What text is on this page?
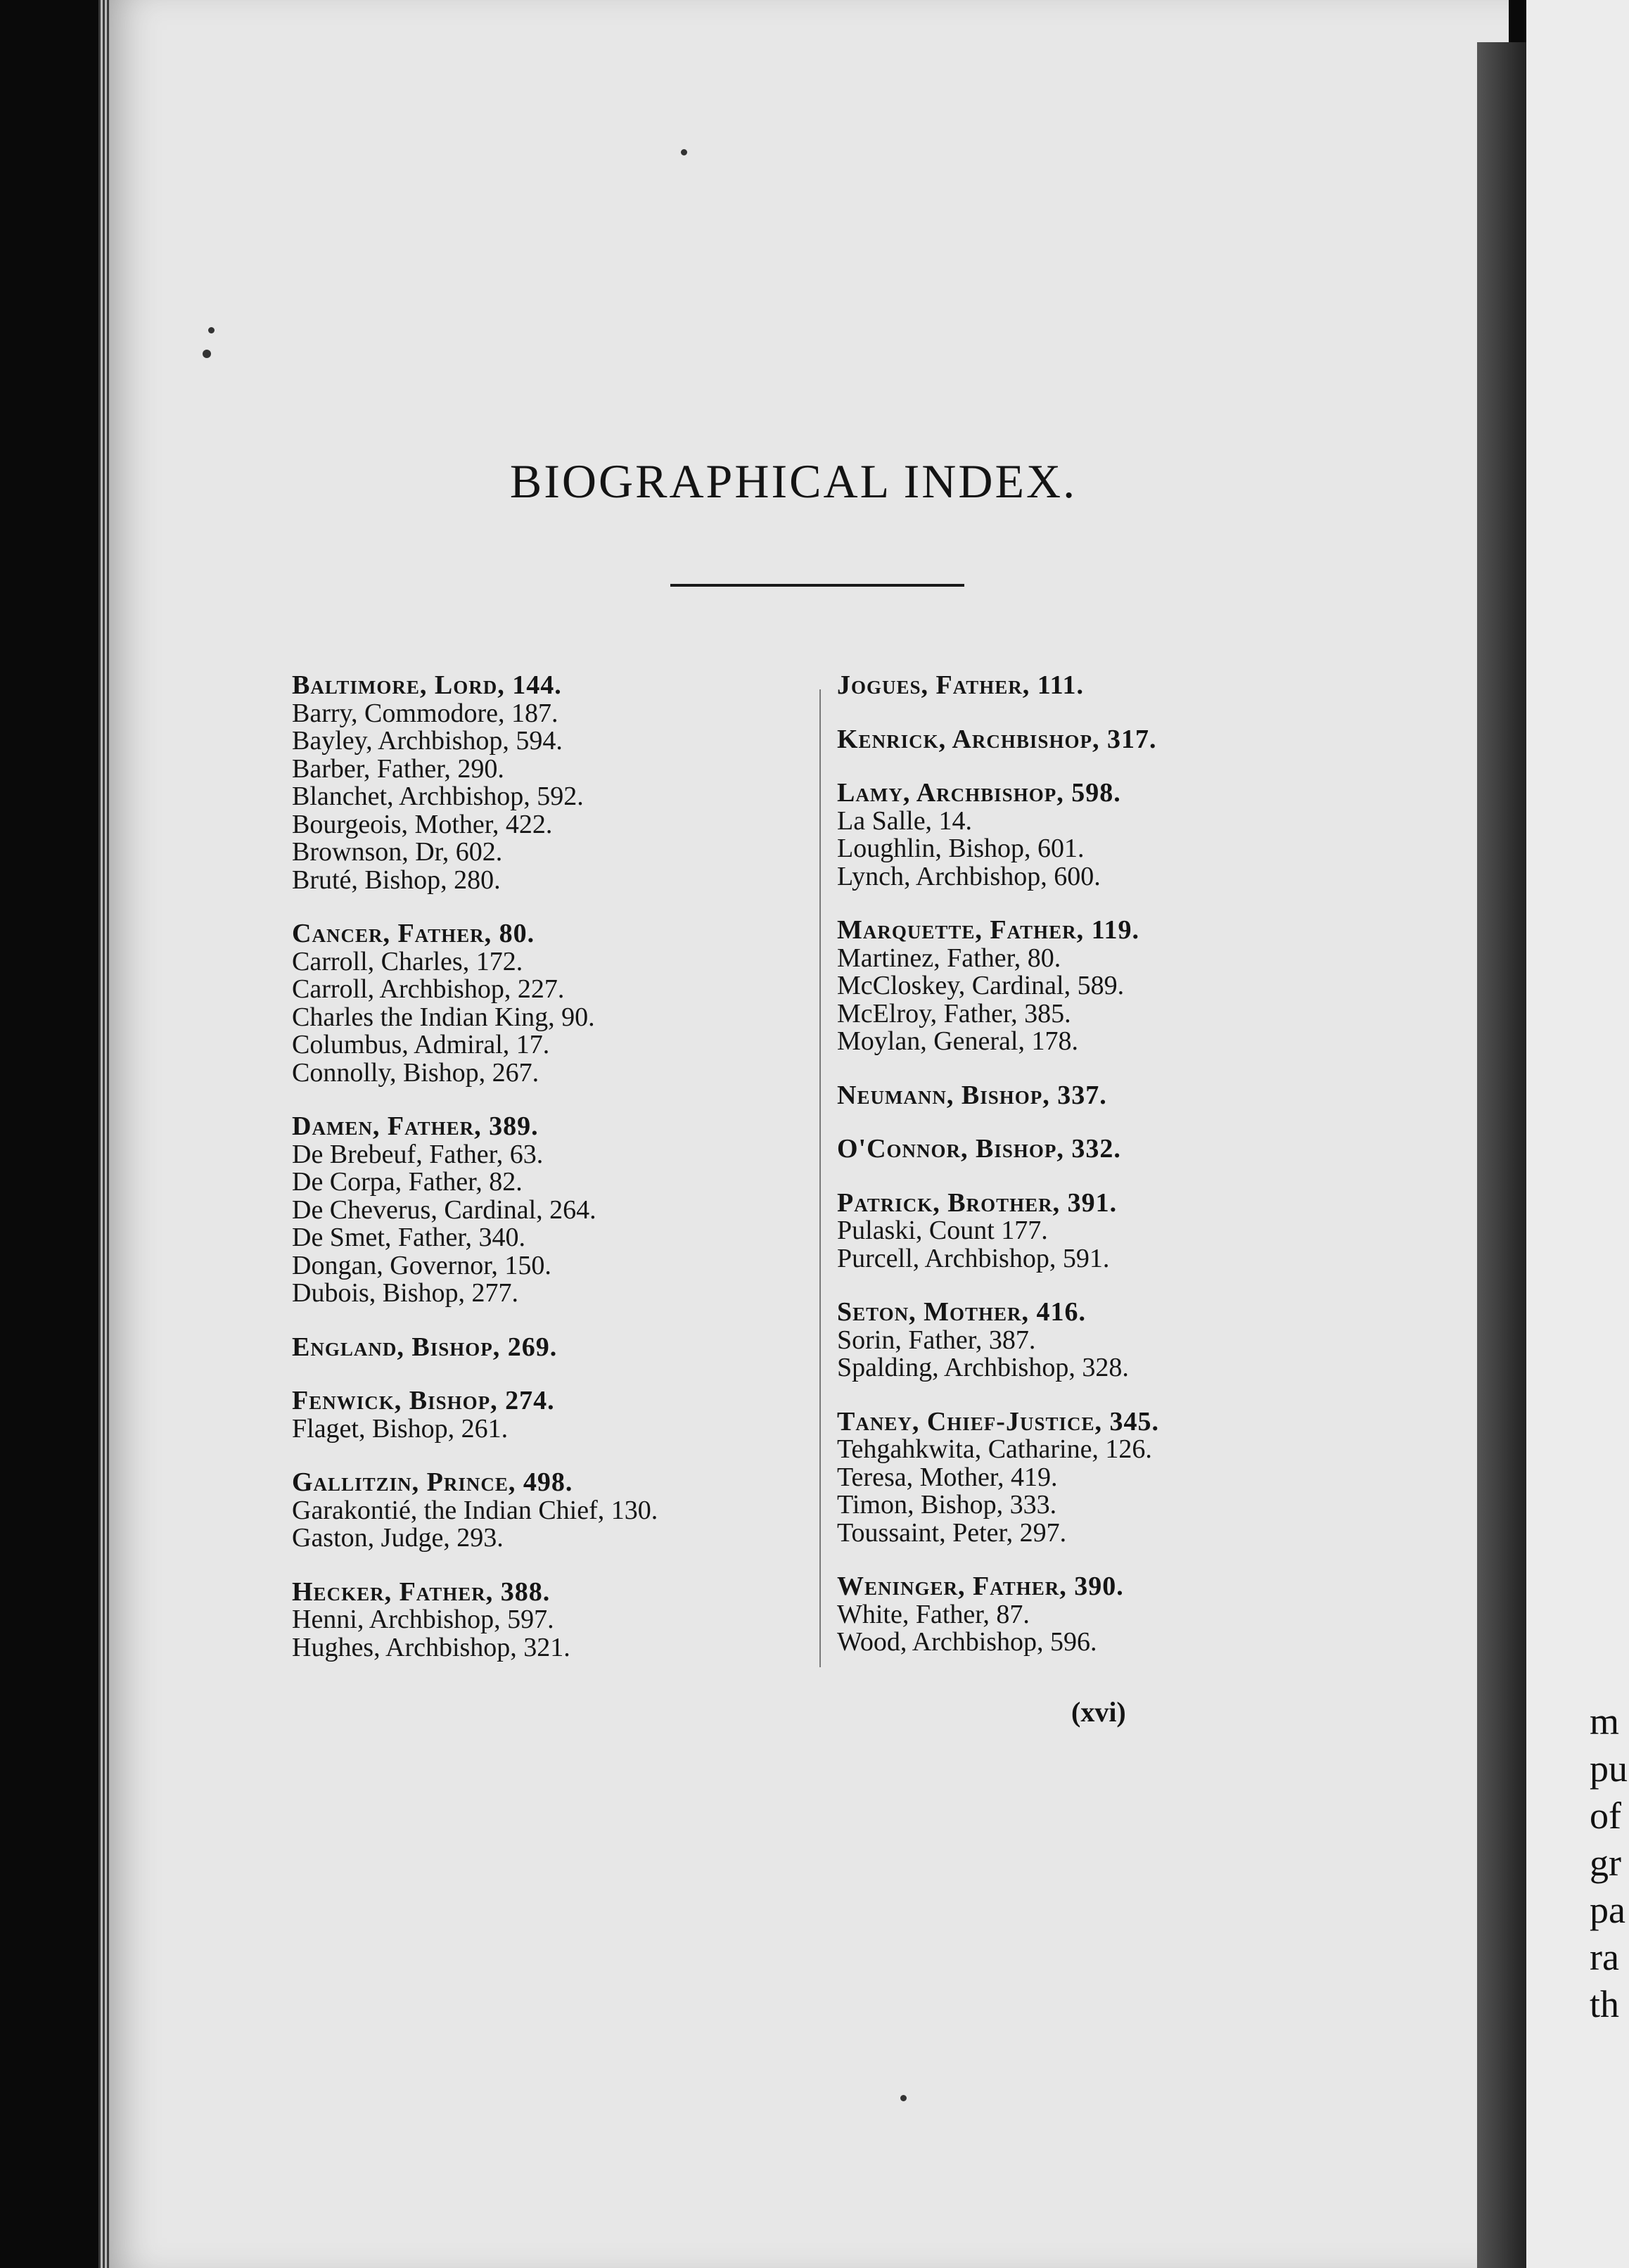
m
pu
of
gr
pa
ra
th
BIOGRAPHICAL INDEX.
Baltimore, Lord, 144.
Barry, Commodore, 187.
Bayley, Archbishop, 594.
Barber, Father, 290.
Blanchet, Archbishop, 592.
Bourgeois, Mother, 422.
Brownson, Dr, 602.
Bruté, Bishop, 280.
Cancer, Father, 80.
Carroll, Charles, 172.
Carroll, Archbishop, 227.
Charles the Indian King, 90.
Columbus, Admiral, 17.
Connolly, Bishop, 267.
Damen, Father, 389.
De Brebeuf, Father, 63.
De Corpa, Father, 82.
De Cheverus, Cardinal, 264.
De Smet, Father, 340.
Dongan, Governor, 150.
Dubois, Bishop, 277.
England, Bishop, 269.
Fenwick, Bishop, 274.
Flaget, Bishop, 261.
Gallitzin, Prince, 498.
Garakontié, the Indian Chief, 130.
Gaston, Judge, 293.
Hecker, Father, 388.
Henni, Archbishop, 597.
Hughes, Archbishop, 321.
Jogues, Father, 111.
Kenrick, Archbishop, 317.
Lamy, Archbishop, 598.
La Salle, 14.
Loughlin, Bishop, 601.
Lynch, Archbishop, 600.
Marquette, Father, 119.
Martinez, Father, 80.
McCloskey, Cardinal, 589.
McElroy, Father, 385.
Moylan, General, 178.
Neumann, Bishop, 337.
O'Connor, Bishop, 332.
Patrick, Brother, 391.
Pulaski, Count 177.
Purcell, Archbishop, 591.
Seton, Mother, 416.
Sorin, Father, 387.
Spalding, Archbishop, 328.
Taney, Chief-Justice, 345.
Tehgahkwita, Catharine, 126.
Teresa, Mother, 419.
Timon, Bishop, 333.
Toussaint, Peter, 297.
Weninger, Father, 390.
White, Father, 87.
Wood, Archbishop, 596.
(xvi)
